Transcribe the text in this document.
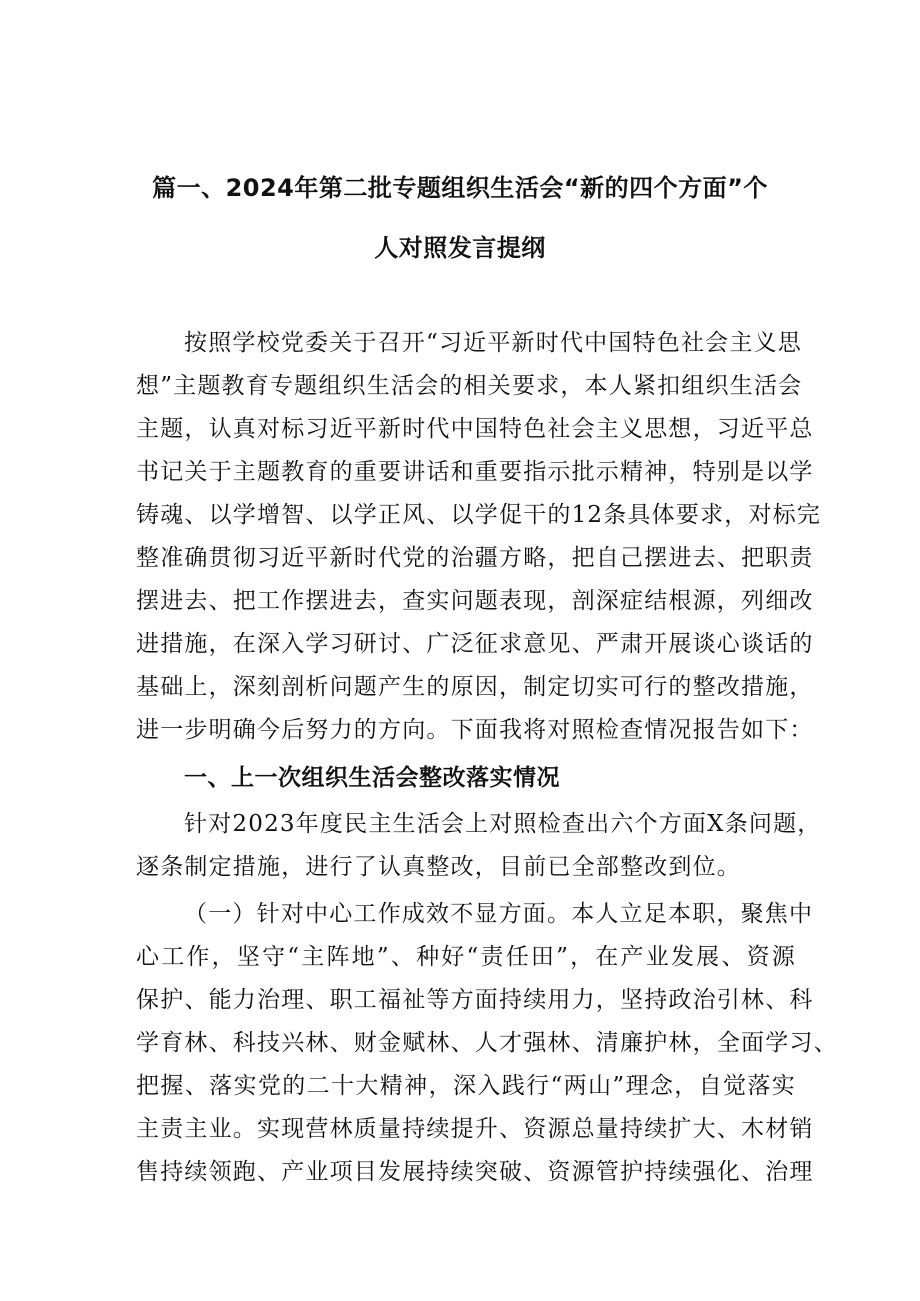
篇一、2024年第二批专题组织生活会“新的四个方面”个
人对照发言提纲

按照学校党委关于召开“习近平新时代中国特色社会主义思

想”主题教育专题组织生活会的相关要求，本人紧扣组织生活会

主题，认真对标习近平新时代中国特色社会主义思想，习近平总

书记关于主题教育的重要讲话和重要指示批示精神，特别是以学

铸魂、以学增智、以学正风、以学促干的12条具体要求，对标完

整准确贯彻习近平新时代党的治疆方略，把自己摆进去、把职责

摆进去、把工作摆进去，查实问题表现，剖深症结根源，列细改

进措施，在深入学习研讨、广泛征求意见、严肃开展谈心谈话的

基础上，深刻剖析问题产生的原因，制定切实可行的整改措施，

进一步明确今后努力的方向。下面我将对照检查情况报告如下：

一、上一次组织生活会整改落实情况

针对2023年度民主生活会上对照检查出六个方面X条问题，

逐条制定措施，进行了认真整改，目前已全部整改到位。

（一）针对中心工作成效不显方面。本人立足本职，聚焦中

心工作，坚守“主阵地”、种好“责任田”，在产业发展、资源

保护、能力治理、职工福祉等方面持续用力，坚持政治引林、科

学育林、科技兴林、财金赋林、人才强林、清廉护林，全面学习、

把握、落实党的二十大精神，深入践行“两山”理念，自觉落实

主责主业。实现营林质量持续提升、资源总量持续扩大、木材销

售持续领跑、产业项目发展持续突破、资源管护持续强化、治理
